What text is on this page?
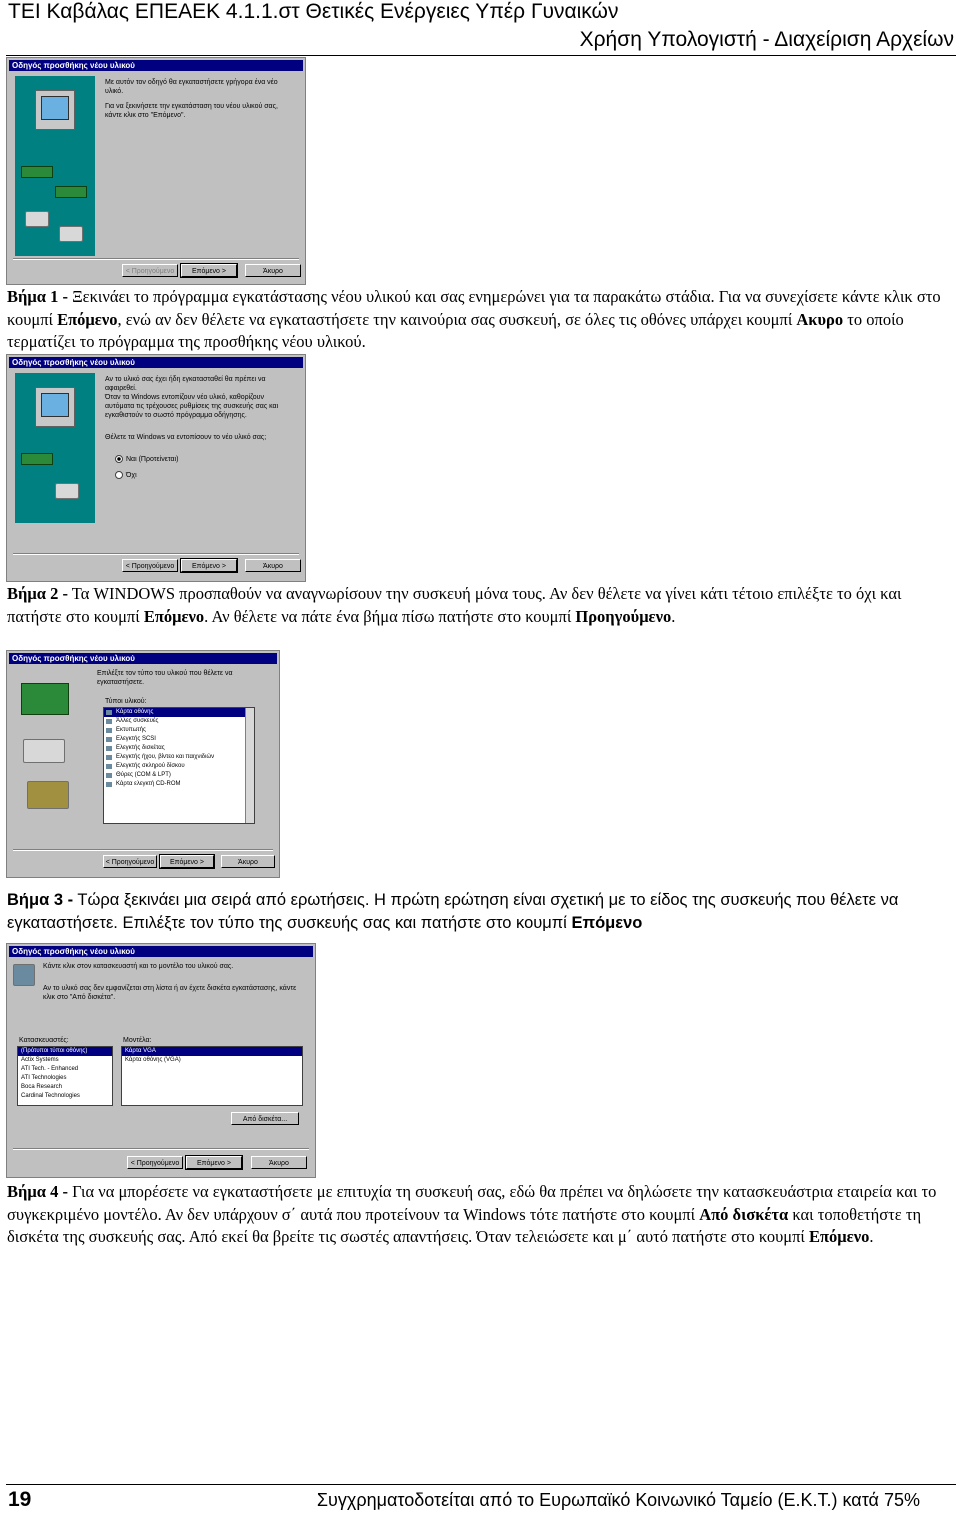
ΤΕΙ Καβάλας ΕΠΕΑΕΚ 4.1.1.στ Θετικές Ενέργειες Υπέρ Γυναικών
Χρήση Υπολογιστή - Διαχείριση Αρχείων
Οδηγός προσθήκης νέου υλικού
Με αυτόν τον οδηγό θα εγκαταστήσετε γρήγορα ένα νέο υλικό.
Για να ξεκινήσετε την εγκατάσταση του νέου υλικού σας, κάντε κλικ στο "Επόμενο".
< Προηγούμενο	Επόμενο >	Άκυρο
Βήμα 1 - Ξεκινάει το πρόγραμμα εγκατάστασης νέου υλικού και σας ενημερώνει για τα παρακάτω στάδια. Για να συνεχίσετε κάντε κλικ στο κουμπί Επόμενο, ενώ αν δεν θέλετε να εγκαταστήσετε την καινούρια σας συσκευή, σε όλες τις οθόνες υπάρχει κουμπί Ακυρο το οποίο τερματίζει το πρόγραμμα της προσθήκης νέου υλικού.
Οδηγός προσθήκης νέου υλικού
Αν το υλικό σας έχει ήδη εγκατασταθεί θα πρέπει να αφαιρεθεί.
Όταν τα Windows εντοπίζουν νέο υλικό, καθορίζουν αυτόματα τις τρέχουσες ρυθμίσεις της συσκευής σας και εγκαθιστούν το σωστό πρόγραμμα οδήγησης.
Θέλετε τα Windows να εντοπίσουν το νέο υλικό σας;
Ναι (Προτείνεται)
Όχι
< Προηγούμενο	Επόμενο >	Άκυρο
Βήμα 2 - Τα WINDOWS προσπαθούν να αναγνωρίσουν την συσκευή μόνα τους. Αν δεν θέλετε να γίνει κάτι τέτοιο επιλέξτε το όχι και πατήστε στο κουμπί Επόμενο. Αν θέλετε να πάτε ένα βήμα πίσω πατήστε στο κουμπί Προηγούμενο.
Οδηγός προσθήκης νέου υλικού
Επιλέξτε τον τύπο του υλικού που θέλετε να εγκαταστήσετε.
Τύποι υλικού:
Κάρτα οθόνης
Άλλες συσκευές
Εκτυπωτής
Ελεγκτής SCSI
Ελεγκτής δισκέτας
Ελεγκτής ήχου, βίντεο και παιχνιδιών
Ελεγκτής σκληρού δίσκου
Θύρες (COM & LPT)
Κάρτα ελεγκτή CD-ROM
< Προηγούμενο	Επόμενο >	Άκυρο
Βήμα 3 - Τώρα ξεκινάει μια σειρά από ερωτήσεις. Η πρώτη ερώτηση είναι σχετική με το είδος της συσκευής που θέλετε να εγκαταστήσετε. Επιλέξτε τον τύπο της συσκευής σας και πατήστε στο κουμπί Επόμενο
Οδηγός προσθήκης νέου υλικού
Κάντε κλικ στον κατασκευαστή και το μοντέλο του υλικού σας.
Αν το υλικό σας δεν εμφανίζεται στη λίστα ή αν έχετε δισκέτα εγκατάστασης, κάντε κλικ στο "Από δισκέτα".
Κατασκευαστές:
(Πρότυποι τύποι οθόνης)
Actix Systems
ATI Tech. - Enhanced
ATI Technologies
Boca Research
Cardinal Technologies
Μοντέλα:
Κάρτα VGA
Κάρτα οθόνης (VGA)
Από δισκέτα...
< Προηγούμενο	Επόμενο >	Άκυρο
Βήμα 4 - Για να μπορέσετε να εγκαταστήσετε με επιτυχία τη συσκευή σας, εδώ θα πρέπει να δηλώσετε την κατασκευάστρια εταιρεία και το συγκεκριμένο μοντέλο. Αν δεν υπάρχουν σ΄ αυτά που προτείνουν τα Windows τότε πατήστε στο κουμπί Από δισκέτα και τοποθετήστε τη δισκέτα της συσκευής σας. Από εκεί θα βρείτε τις σωστές απαντήσεις. Όταν τελειώσετε και μ΄ αυτό πατήστε στο κουμπί Επόμενο.
19	Συγχρηματοδοτείται από το Ευρωπαϊκό Κοινωνικό Ταμείο (Ε.Κ.Τ.) κατά 75%
